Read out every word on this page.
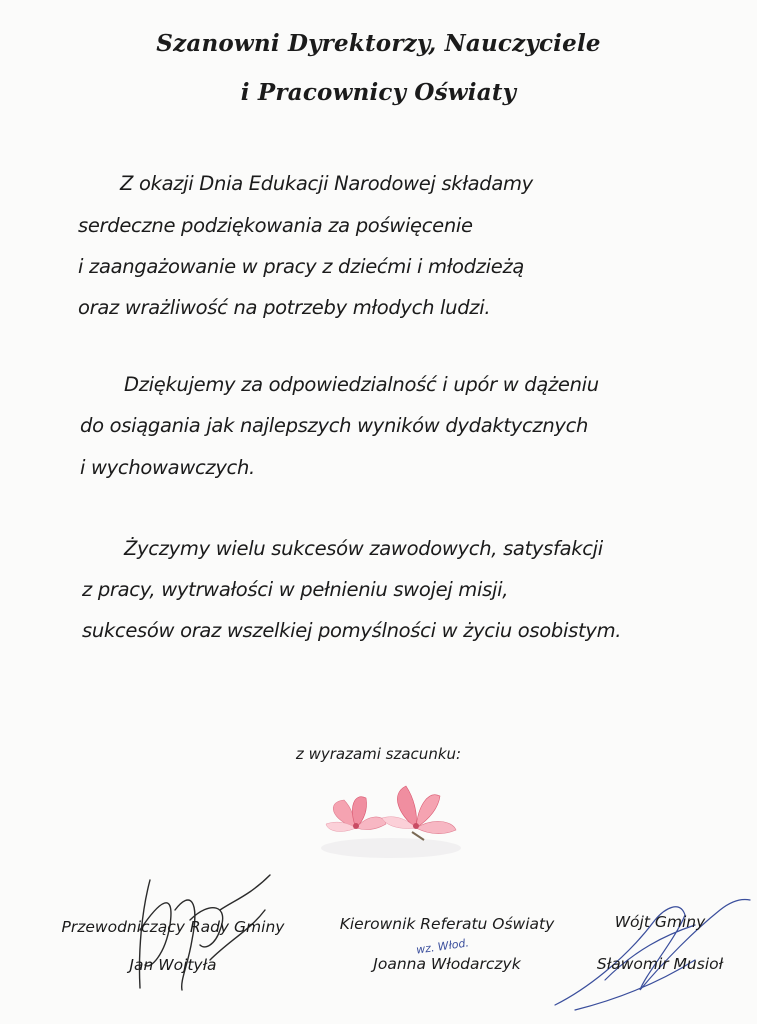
Szanowni Dyrektorzy, Nauczyciele
i Pracownicy Oświaty
Z okazji Dnia Edukacji Narodowej składamy
serdeczne podziękowania za poświęcenie
i zaangażowanie w pracy z dziećmi i młodzieżą
oraz wrażliwość na potrzeby młodych ludzi.
Dziękujemy za odpowiedzialność i upór w dążeniu
do osiągania jak najlepszych wyników dydaktycznych
i wychowawczych.
Życzymy wielu sukcesów zawodowych, satysfakcji
z pracy, wytrwałości w pełnieniu swojej misji,
sukcesów oraz wszelkiej pomyślności w życiu osobistym.
z wyrazami szacunku:
Przewodniczący Rady Gminy
Jan Wojtyła
Kierownik Referatu Oświaty
Joanna Włodarczyk
wz. Włod.
Wójt Gminy
Sławomir Musioł
